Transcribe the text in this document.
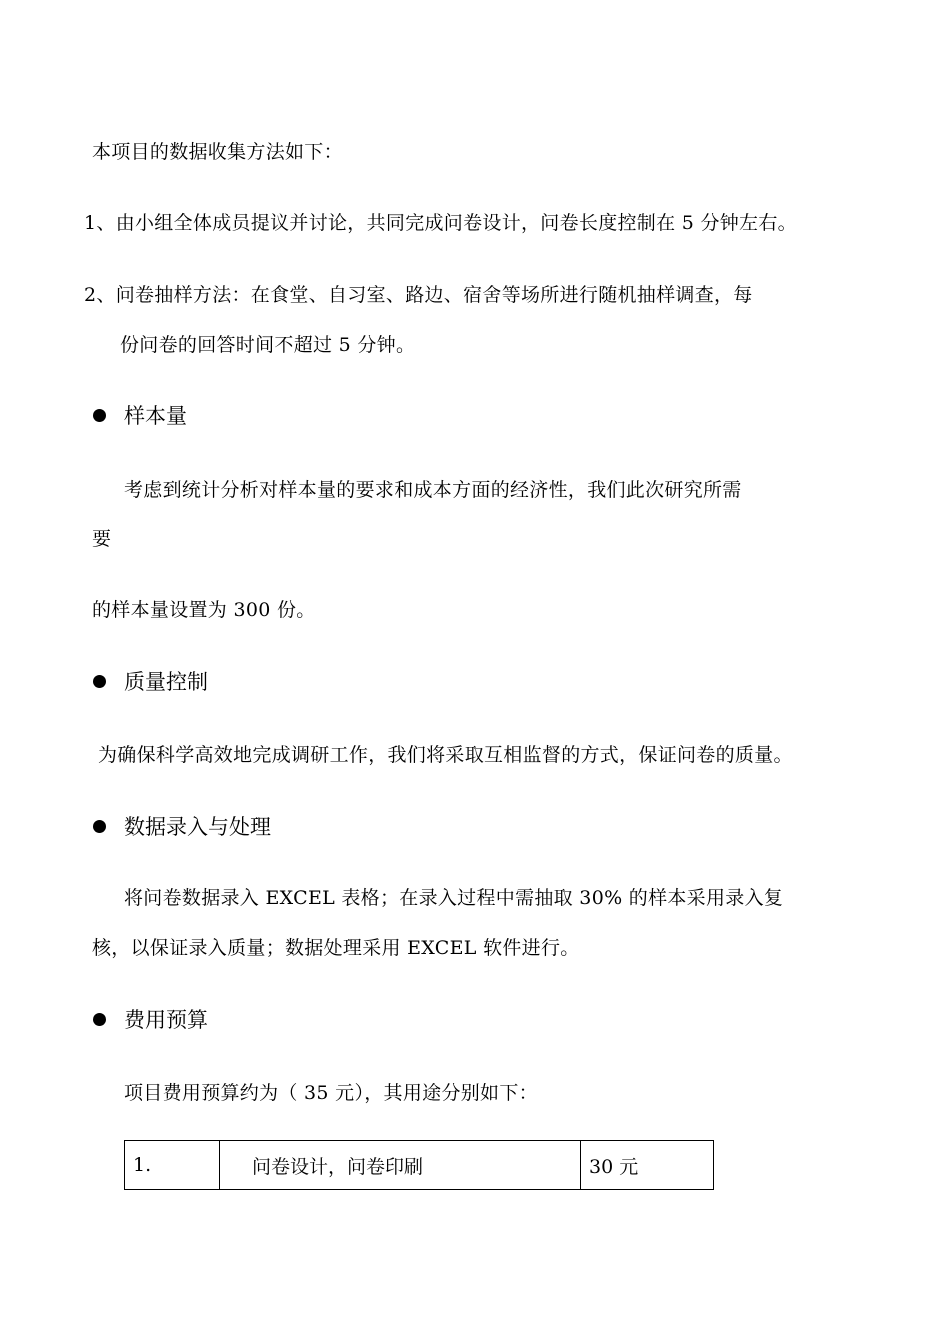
本项目的数据收集方法如下：
1、由小组全体成员提议并讨论，共同完成问卷设计，问卷长度控制在 5 分钟左右。
2、问卷抽样方法：在食堂、自习室、路边、宿舍等场所进行随机抽样调查，每
份问卷的回答时间不超过 5 分钟。
样本量
考虑到统计分析对样本量的要求和成本方面的经济性，我们此次研究所需
要
的样本量设置为 300 份。
质量控制
为确保科学高效地完成调研工作，我们将采取互相监督的方式，保证问卷的质量。
数据录入与处理
将问卷数据录入 EXCEL 表格；在录入过程中需抽取 30% 的样本采用录入复
核，以保证录入质量；数据处理采用 EXCEL 软件进行。
费用预算
项目费用预算约为（ 35 元），其用途分别如下：
1.	问卷设计，问卷印刷	30 元
